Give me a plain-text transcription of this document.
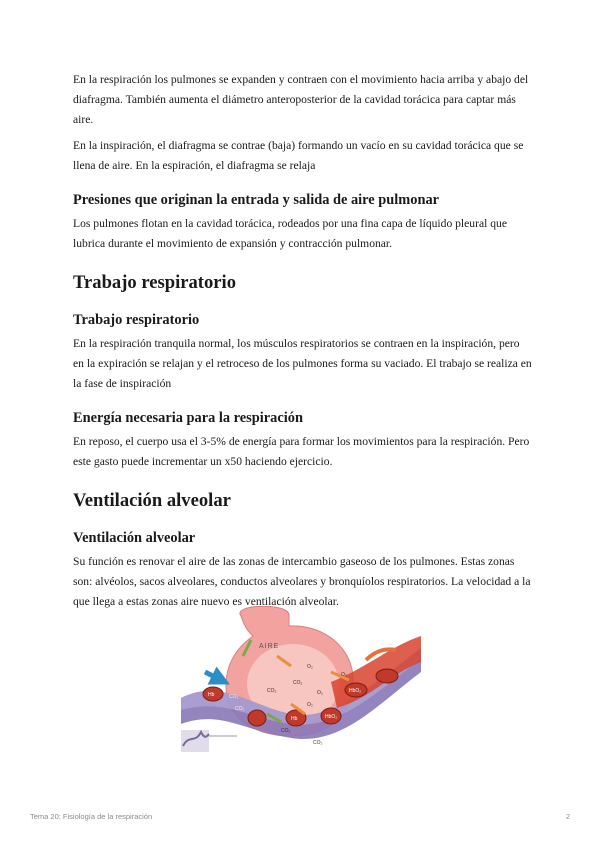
En la respiración los pulmones se expanden y contraen con el movimiento hacia arriba y abajo del diafragma. También aumenta el diámetro anteroposterior de la cavidad torácica para captar más aire.

En la inspiración, el diafragma se contrae (baja) formando un vacío en su cavidad torácica que se llena de aire. En la espiración, el diafragma se relaja

Presiones que originan la entrada y salida de aire pulmonar

Los pulmones flotan en la cavidad torácica, rodeados por una fina capa de líquido pleural que lubrica durante el movimiento de expansión y contracción pulmonar.

Trabajo respiratorio
Trabajo respiratorio

En la respiración tranquila normal, los músculos respiratorios se contraen en la inspiración, pero en la expiración se relajan y el retroceso de los pulmones forma su vaciado. El trabajo se realiza en la fase de inspiración

Energía necesaria para la respiración

En reposo, el cuerpo usa el 3-5% de energía para formar los movimientos para la respiración. Pero este gasto puede incrementar un x50 haciendo ejercicio.

Ventilación alveolar
Ventilación alveolar

Su función es renovar el aire de las zonas de intercambio gaseoso de los pulmones. Estas zonas son: alvéolos, sacos alveolares, conductos alveolares y bronquíolos respiratorios. La velocidad a la que llega a estas zonas aire nuevo es ventilación alveolar.

AIRE
O₂
CO₂
O₂
CO₂
O₂
CO₂
CO₂
CO₂
O₂
CO₂
Hb
HbO₂
HbO₂
Hb
Tema 20: Fisiología de la respiración	2
